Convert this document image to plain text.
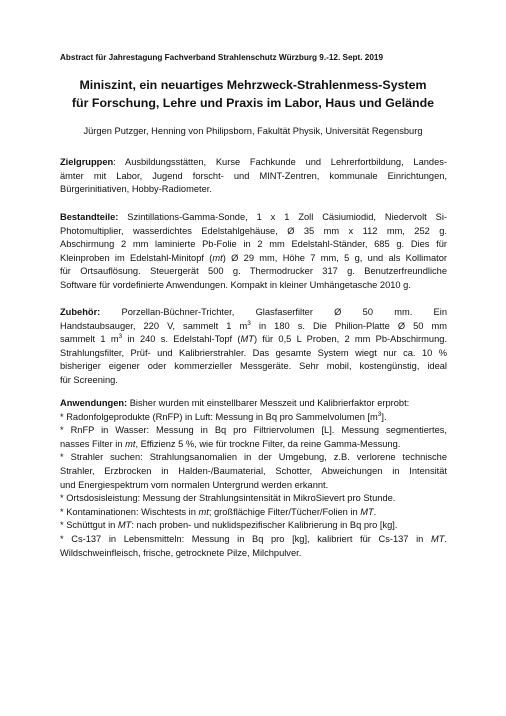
Abstract für Jahrestagung Fachverband Strahlenschutz Würzburg 9.-12. Sept. 2019
Miniszint, ein neuartiges Mehrzweck-Strahlenmess-System
für Forschung, Lehre und Praxis im Labor, Haus und Gelände
Jürgen Putzger, Henning von Philipsborn, Fakultät Physik, Universität Regensburg
Zielgruppen: Ausbildungsstätten, Kurse Fachkunde und Lehrerfortbildung, Landes-
ämter mit Labor, Jugend forscht- und MINT-Zentren, kommunale Einrichtungen,
Bürgerinitiativen, Hobby-Radiometer.
Bestandteile: Szintillations-Gamma-Sonde, 1 x 1 Zoll Cäsiumiodid, Niedervolt Si-
Photomultiplier, wasserdichtes Edelstahlgehäuse, Ø 35 mm x 112 mm, 252 g.
Abschirmung 2 mm laminierte Pb-Folie in 2 mm Edelstahl-Ständer, 685 g. Dies für
Kleinproben im Edelstahl-Minitopf (mt) Ø 29 mm, Höhe 7 mm, 5 g, und als Kollimator
für Ortsauflösung. Steuergerät 500 g. Thermodrucker 317 g. Benutzerfreundliche
Software für vordefinierte Anwendungen. Kompakt in kleiner Umhängetasche 2010 g.
Zubehör: Porzellan-Büchner-Trichter, Glasfaserfilter Ø 50 mm. Ein
Handstaubsauger, 220 V, sammelt 1 $m^3$ in 180 s. Die Philion-Platte Ø 50 mm
sammelt 1 $m^3$ in 240 s. Edelstahl-Topf (MT) für 0,5 L Proben, 2 mm Pb-Abschirmung.
Strahlungsfilter, Prüf- und Kalibrierstrahler. Das gesamte System wiegt nur ca. 10 %
bisheriger eigener oder kommerzieller Messgeräte. Sehr mobil, kostengünstig, ideal
für Screening.
Anwendungen: Bisher wurden mit einstellbarer Messzeit und Kalibrierfaktor erprobt:
* Radonfolgeprodukte (RnFP) in Luft: Messung in Bq pro Sammelvolumen $[m^3]$.
* RnFP in Wasser: Messung in Bq pro Filtriervolumen [L]. Messung segmentiertes,
nasses Filter in mt, Effizienz 5 %, wie für trockne Filter, da reine Gamma-Messung.
* Strahler suchen: Strahlungsanomalien in der Umgebung, z.B. verlorene technische
Strahler, Erzbrocken in Halden-/Baumaterial, Schotter, Abweichungen in Intensität
und Energiespektrum vom normalen Untergrund werden erkannt.
* Ortsdosisleistung: Messung der Strahlungsintensität in MikroSievert pro Stunde.
* Kontaminationen: Wischtests in mt; großflächige Filter/Tücher/Folien in MT.
* Schüttgut in MT: nach proben- und nuklidspezifischer Kalibrierung in Bq pro [kg].
* Cs-137 in Lebensmitteln: Messung in Bq pro [kg], kalibriert für Cs-137 in MT.
Wildschweinfleisch, frische, getrocknete Pilze, Milchpulver.
